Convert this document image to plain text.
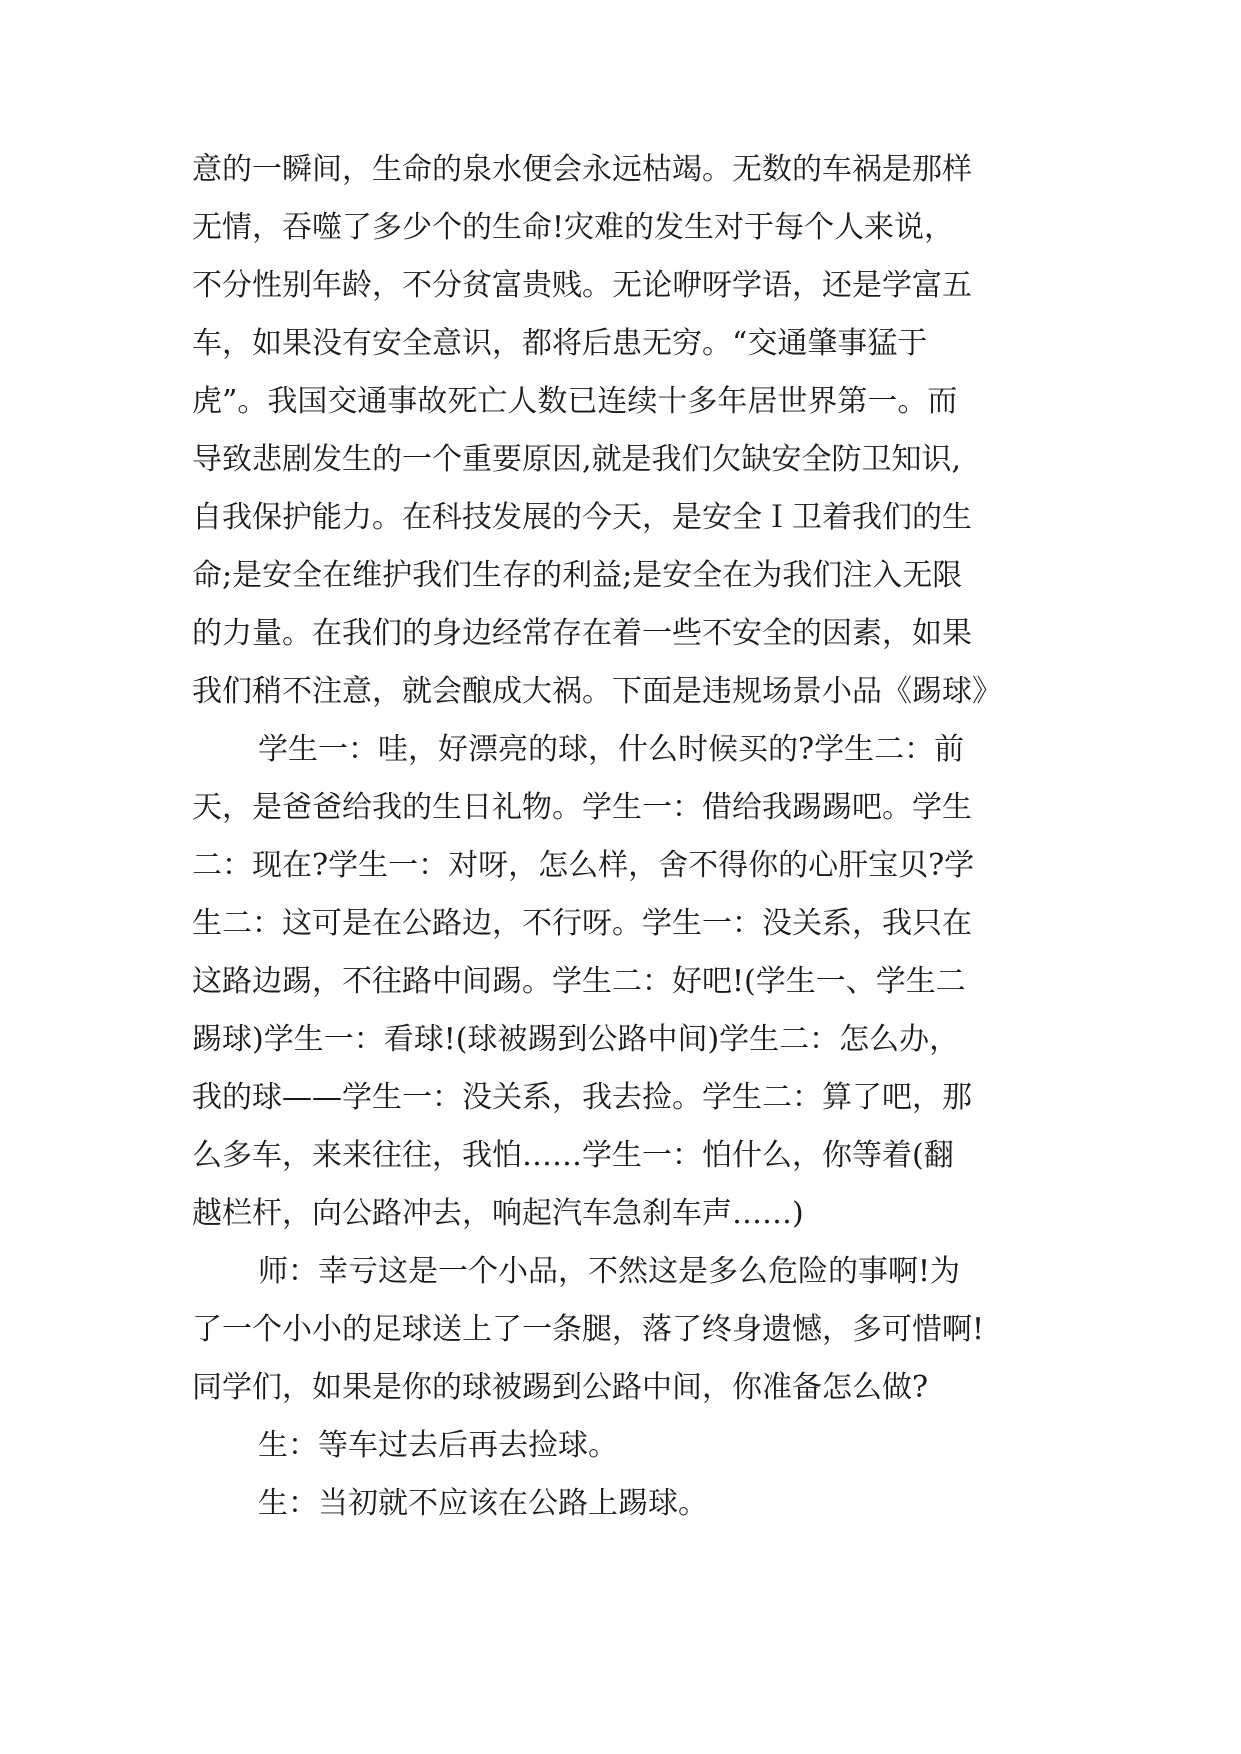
意的一瞬间，生命的泉水便会永远枯竭。无数的车祸是那样
无情，吞噬了多少个的生命!灾难的发生对于每个人来说，
不分性别年龄，不分贫富贵贱。无论咿呀学语，还是学富五
车，如果没有安全意识，都将后患无穷。“交通肇事猛于
虎”。我国交通事故死亡人数已连续十多年居世界第一。而
导致悲剧发生的一个重要原因,就是我们欠缺安全防卫知识,
自我保护能力。在科技发展的今天，是安全Ｉ卫着我们的生
命;是安全在维护我们生存的利益;是安全在为我们注入无限
的力量。在我们的身边经常存在着一些不安全的因素，如果
我们稍不注意，就会酿成大祸。下面是违规场景小品《踢球》
学生一：哇，好漂亮的球，什么时候买的?学生二：前
天，是爸爸给我的生日礼物。学生一：借给我踢踢吧。学生
二：现在?学生一：对呀，怎么样，舍不得你的心肝宝贝?学
生二：这可是在公路边，不行呀。学生一：没关系，我只在
这路边踢，不往路中间踢。学生二：好吧!(学生一、学生二
踢球)学生一：看球!(球被踢到公路中间)学生二：怎么办，
我的球——学生一：没关系，我去捡。学生二：算了吧，那
么多车，来来往往，我怕……学生一：怕什么，你等着(翻
越栏杆，向公路冲去，响起汽车急刹车声……)
师：幸亏这是一个小品，不然这是多么危险的事啊!为
了一个小小的足球送上了一条腿，落了终身遗憾，多可惜啊!
同学们，如果是你的球被踢到公路中间，你准备怎么做?
生：等车过去后再去捡球。
生：当初就不应该在公路上踢球。
